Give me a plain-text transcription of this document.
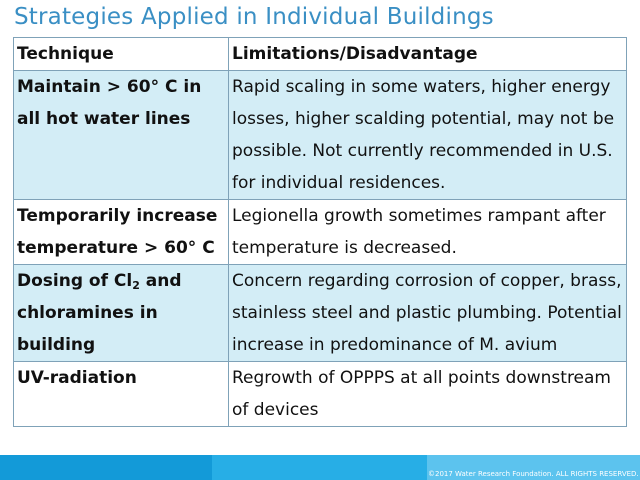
Strategies Applied in Individual Buildings
Technique	Limitations/Disadvantage
Maintain > 60° C in all hot water lines	Rapid scaling in some waters, higher energy losses, higher scalding potential, may not be possible. Not currently recommended in U.S. for individual residences.
Temporarily increase temperature > 60° C	Legionella growth sometimes rampant after temperature is decreased.
Dosing of $Cl_2$ and chloramines in building	Concern regarding corrosion of copper, brass, stainless steel and plastic plumbing. Potential increase in predominance of M. avium
UV-radiation	Regrowth of OPPPS at all points downstream of devices
©2017 Water Research Foundation. ALL RIGHTS RESERVED.
